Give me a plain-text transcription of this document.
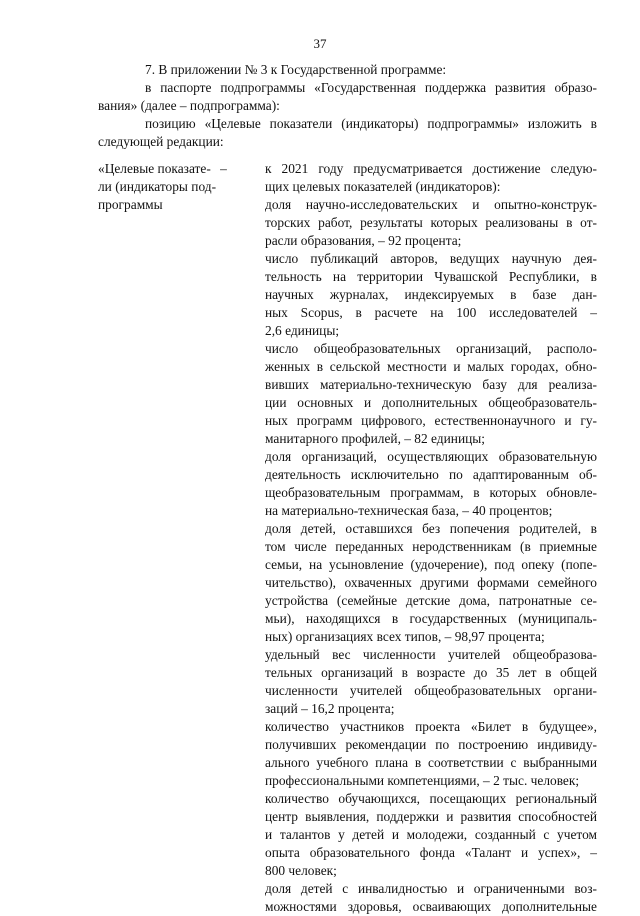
37
7. В приложении № 3 к Государственной программе:
в паспорте подпрограммы «Государственная поддержка развития образо-
вания» (далее – подпрограмма):
позицию «Целевые показатели (индикаторы) подпрограммы» изложить в
следующей редакции:
«Целевые показате- –
ли (индикаторы под-
программы
к 2021 году предусматривается достижение следую-
щих целевых показателей (индикаторов):
доля научно-исследовательских и опытно-конструк-
торских работ, результаты которых реализованы в от-
расли образования, – 92 процента;
число публикаций авторов, ведущих научную дея-
тельность на территории Чувашской Республики, в
научных журналах, индексируемых в базе дан-
ных Scopus, в расчете на 100 исследователей –
2,6 единицы;
число общеобразовательных организаций, располо-
женных в сельской местности и малых городах, обно-
вивших материально-техническую базу для реализа-
ции основных и дополнительных общеобразователь-
ных программ цифрового, естественнонаучного и гу-
манитарного профилей, – 82 единицы;
доля организаций, осуществляющих образовательную
деятельность исключительно по адаптированным об-
щеобразовательным программам, в которых обновле-
на материально-техническая база, – 40 процентов;
доля детей, оставшихся без попечения родителей, в
том числе переданных неродственникам (в приемные
семьи, на усыновление (удочерение), под опеку (попе-
чительство), охваченных другими формами семейного
устройства (семейные детские дома, патронатные се-
мьи), находящихся в государственных (муниципаль-
ных) организациях всех типов, – 98,97 процента;
удельный вес численности учителей общеобразова-
тельных организаций в возрасте до 35 лет в общей
численности учителей общеобразовательных органи-
заций – 16,2 процента;
количество участников проекта «Билет в будущее»,
получивших рекомендации по построению индивиду-
ального учебного плана в соответствии с выбранными
профессиональными компетенциями, – 2 тыс. человек;
количество обучающихся, посещающих региональный
центр выявления, поддержки и развития способностей
и талантов у детей и молодежи, созданный с учетом
опыта образовательного фонда «Талант и успех», –
800 человек;
доля детей с инвалидностью и ограниченными воз-
можностями здоровья, осваивающих дополнительные
